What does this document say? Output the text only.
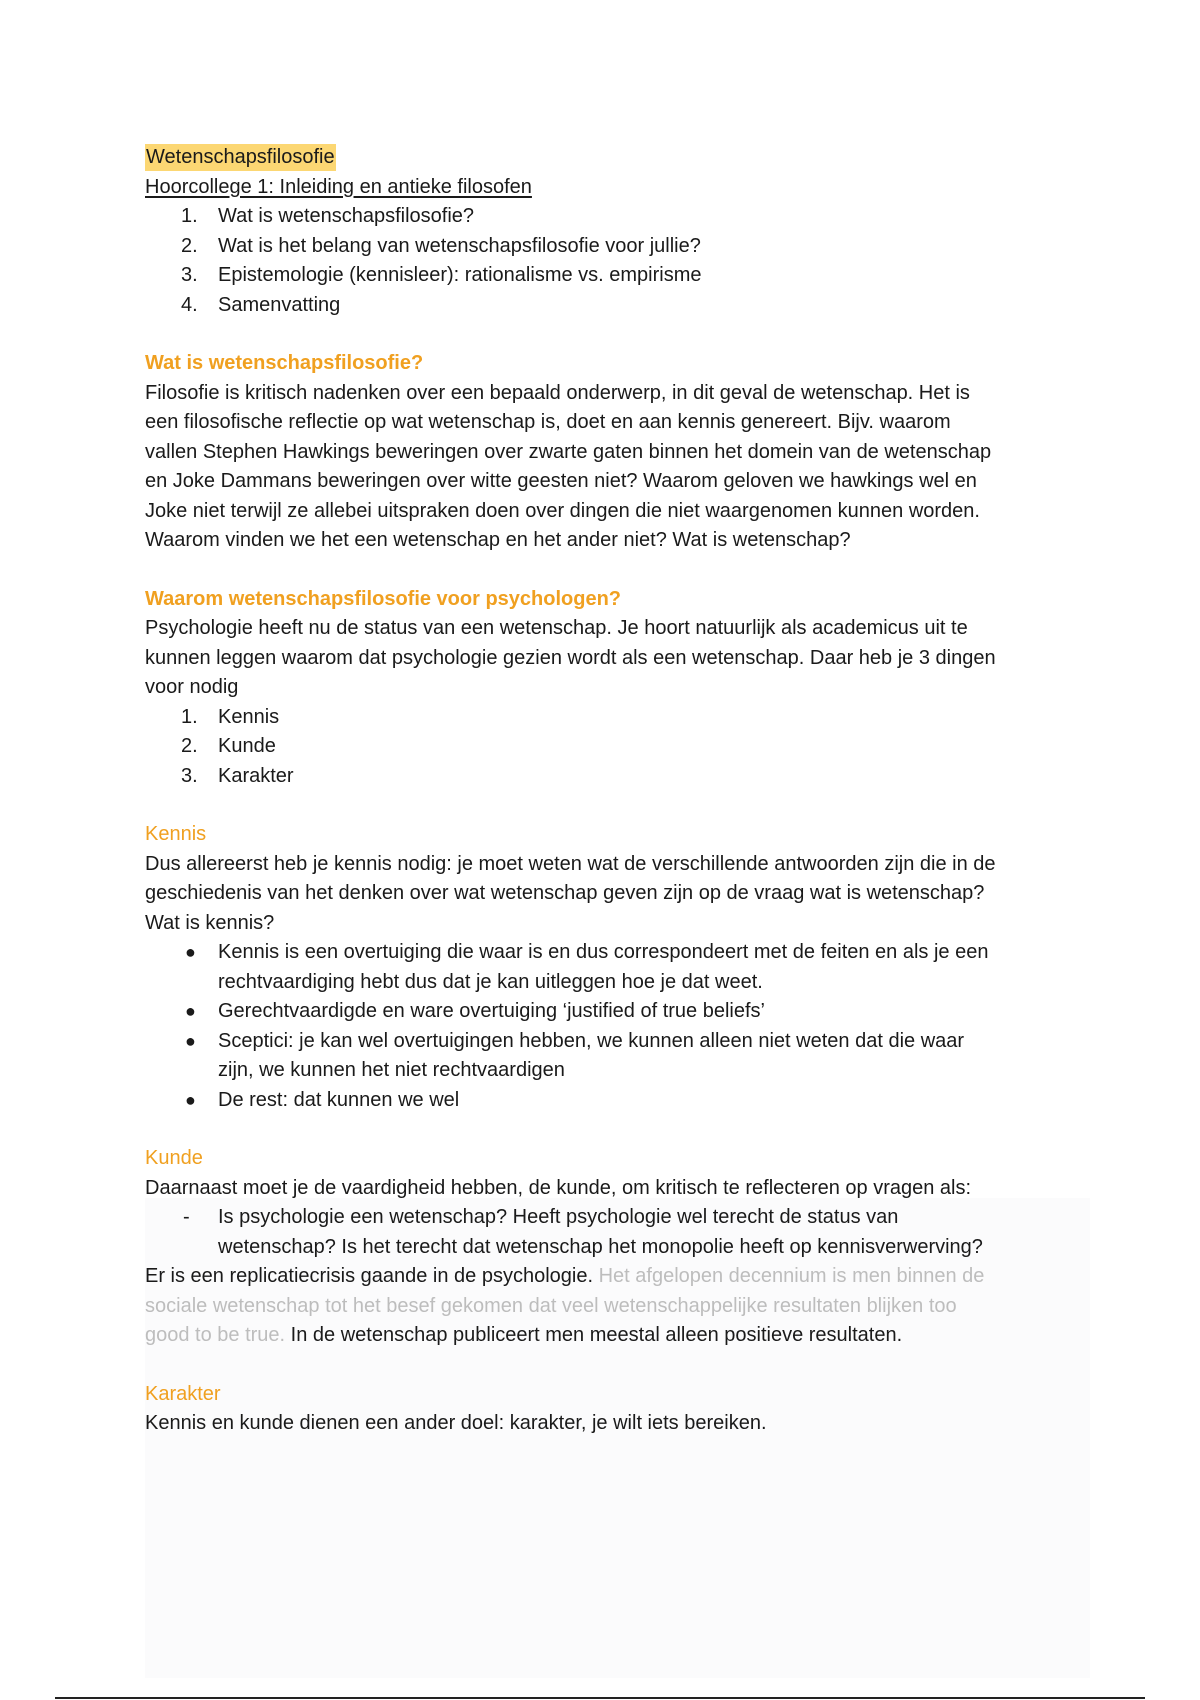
Wetenschapsfilosofie
Hoorcollege 1: Inleiding en antieke filosofen
1. Wat is wetenschapsfilosofie?
2. Wat is het belang van wetenschapsfilosofie voor jullie?
3. Epistemologie (kennisleer): rationalisme vs. empirisme
4. Samenvatting
Wat is wetenschapsfilosofie?
Filosofie is kritisch nadenken over een bepaald onderwerp, in dit geval de wetenschap. Het is
een filosofische reflectie op wat wetenschap is, doet en aan kennis genereert. Bijv. waarom
vallen Stephen Hawkings beweringen over zwarte gaten binnen het domein van de wetenschap
en Joke Dammans beweringen over witte geesten niet? Waarom geloven we hawkings wel en
Joke niet terwijl ze allebei uitspraken doen over dingen die niet waargenomen kunnen worden.
Waarom vinden we het een wetenschap en het ander niet? Wat is wetenschap?
Waarom wetenschapsfilosofie voor psychologen?
Psychologie heeft nu de status van een wetenschap. Je hoort natuurlijk als academicus uit te
kunnen leggen waarom dat psychologie gezien wordt als een wetenschap. Daar heb je 3 dingen
voor nodig
1. Kennis
2. Kunde
3. Karakter
Kennis
Dus allereerst heb je kennis nodig: je moet weten wat de verschillende antwoorden zijn die in de
geschiedenis van het denken over wat wetenschap geven zijn op de vraag wat is wetenschap?
Wat is kennis?
● Kennis is een overtuiging die waar is en dus correspondeert met de feiten en als je een
rechtvaardiging hebt dus dat je kan uitleggen hoe je dat weet.
● Gerechtvaardigde en ware overtuiging ‘justified of true beliefs’
● Sceptici: je kan wel overtuigingen hebben, we kunnen alleen niet weten dat die waar
zijn, we kunnen het niet rechtvaardigen
● De rest: dat kunnen we wel
Kunde
Daarnaast moet je de vaardigheid hebben, de kunde, om kritisch te reflecteren op vragen als:
- Is psychologie een wetenschap? Heeft psychologie wel terecht de status van
wetenschap? Is het terecht dat wetenschap het monopolie heeft op kennisverwerving?
Er is een replicatiecrisis gaande in de psychologie. Het afgelopen decennium is men binnen de
sociale wetenschap tot het besef gekomen dat veel wetenschappelijke resultaten blijken too
good to be true. In de wetenschap publiceert men meestal alleen positieve resultaten.
Karakter
Kennis en kunde dienen een ander doel: karakter, je wilt iets bereiken.
